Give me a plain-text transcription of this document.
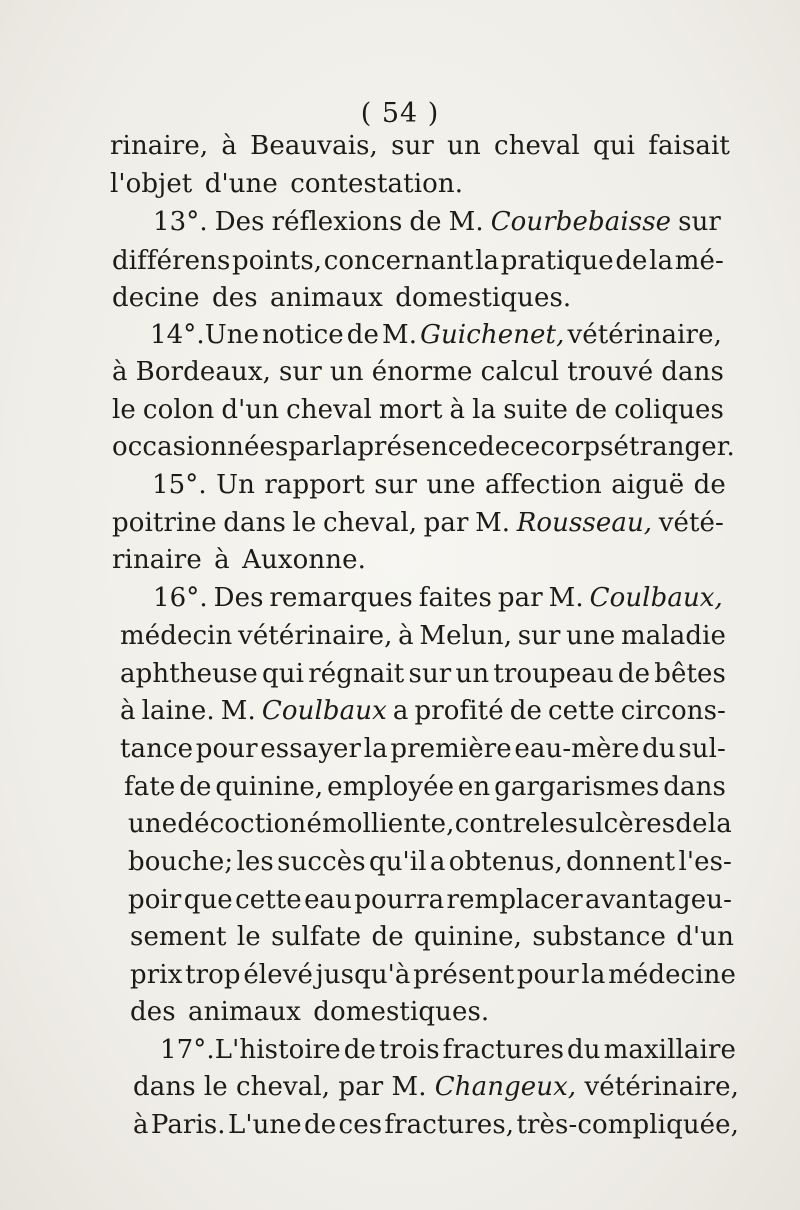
( 54 )
rinaire, à Beauvais, sur un cheval qui faisait
l'objet d'une contestation.
13°. Des réflexions de M. Courbebaisse sur
différens points, concernant la pratique de la mé-
decine des animaux domestiques.
14°.Une notice de M. Guichenet, vétérinaire,
à Bordeaux, sur un énorme calcul trouvé dans
le colon d'un cheval mort à la suite de coliques
occasionnées par la présence de ce corps étranger.
15°. Un rapport sur une affection aiguë de
poitrine dans le cheval, par M. Rousseau, vété-
rinaire à Auxonne.
16°. Des remarques faites par M. Coulbaux,
médecin vétérinaire, à Melun, sur une maladie
aphtheuse qui régnait sur un troupeau de bêtes
à laine. M. Coulbaux a profité de cette circons-
tance pour essayer la première eau-mère du sul-
fate de quinine, employée en gargarismes dans
une décoction émolliente, contre les ulcères de la
bouche; les succès qu'il a obtenus, donnent l'es-
poir que cette eau pourra remplacer avantageu-
sement le sulfate de quinine, substance d'un
prix trop élevé jusqu'à présent pour la médecine
des animaux domestiques.
17°.L'histoire de trois fractures du maxillaire
dans le cheval, par M. Changeux, vétérinaire,
à Paris. L'une de ces fractures, très-compliquée,
